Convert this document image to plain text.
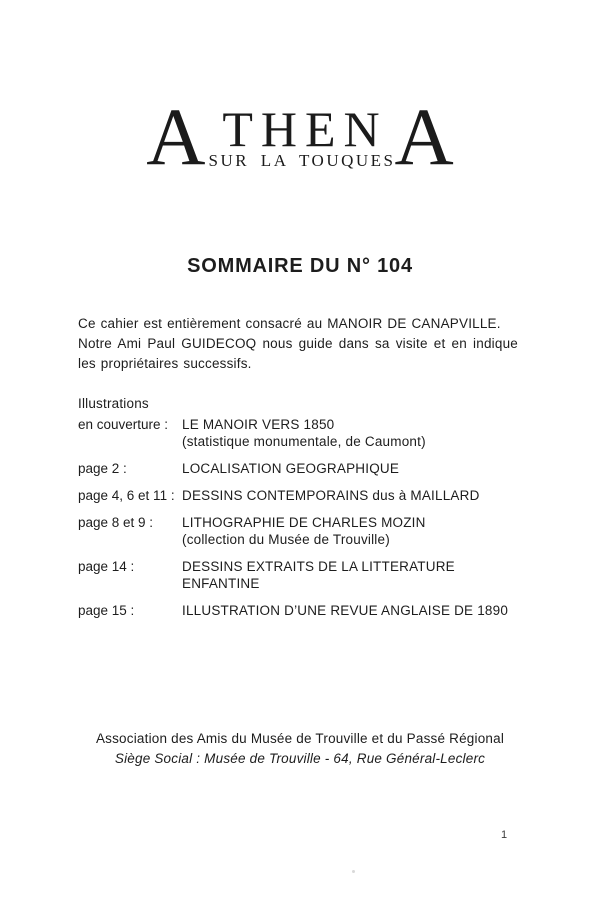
A THEN
SUR LA TOUQUES A
SOMMAIRE DU N° 104
Ce cahier est entièrement consacré au MANOIR DE CANAPVILLE.
Notre Ami Paul GUIDECOQ nous guide dans sa visite et en indique
les propriétaires successifs.
Illustrations
en couverture :	LE MANOIR VERS 1850
(statistique monumentale, de Caumont)
page 2 :	LOCALISATION GEOGRAPHIQUE
page 4, 6 et 11 : DESSINS CONTEMPORAINS dus à MAILLARD
page 8 et 9 :	LITHOGRAPHIE DE CHARLES MOZIN
(collection du Musée de Trouville)
page 14 :	DESSINS EXTRAITS DE LA LITTERATURE
ENFANTINE
page 15 :	ILLUSTRATION D’UNE REVUE ANGLAISE DE 1890
Association des Amis du Musée de Trouville et du Passé Régional
Siège Social : Musée de Trouville - 64, Rue Général-Leclerc
1
